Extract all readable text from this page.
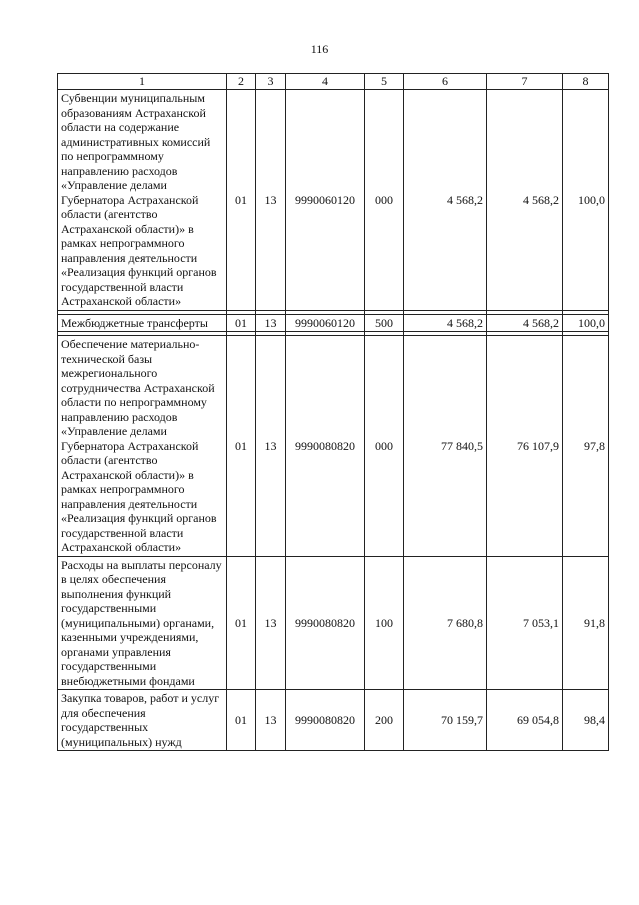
116
1	2	3	4	5	6	7	8
Субвенции муниципальным образованиям Астраханской области на содержание административных комиссий по непрограммному направлению расходов «Управление делами Губернатора Астраханской области (агентство Астраханской области)» в рамках непрограммного направления деятельности «Реализация функций органов государственной власти Астраханской области»	01	13	9990060120	000	4 568,2	4 568,2	100,0

Межбюджетные трансферты	01	13	9990060120	500	4 568,2	4 568,2	100,0

Обеспечение материально-технической базы межрегионального сотрудничества Астраханской области по непрограммному направлению расходов «Управление делами Губернатора Астраханской области (агентство Астраханской области)» в рамках непрограммного направления деятельности «Реализация функций органов государственной власти Астраханской области»	01	13	9990080820	000	77 840,5	76 107,9	97,8
Расходы на выплаты персоналу в целях обеспечения выполнения функций государственными (муниципальными) органами, казенными учреждениями, органами управления государственными внебюджетными фондами	01	13	9990080820	100	7 680,8	7 053,1	91,8
Закупка товаров, работ и услуг для обеспечения государственных (муниципальных) нужд	01	13	9990080820	200	70 159,7	69 054,8	98,4
